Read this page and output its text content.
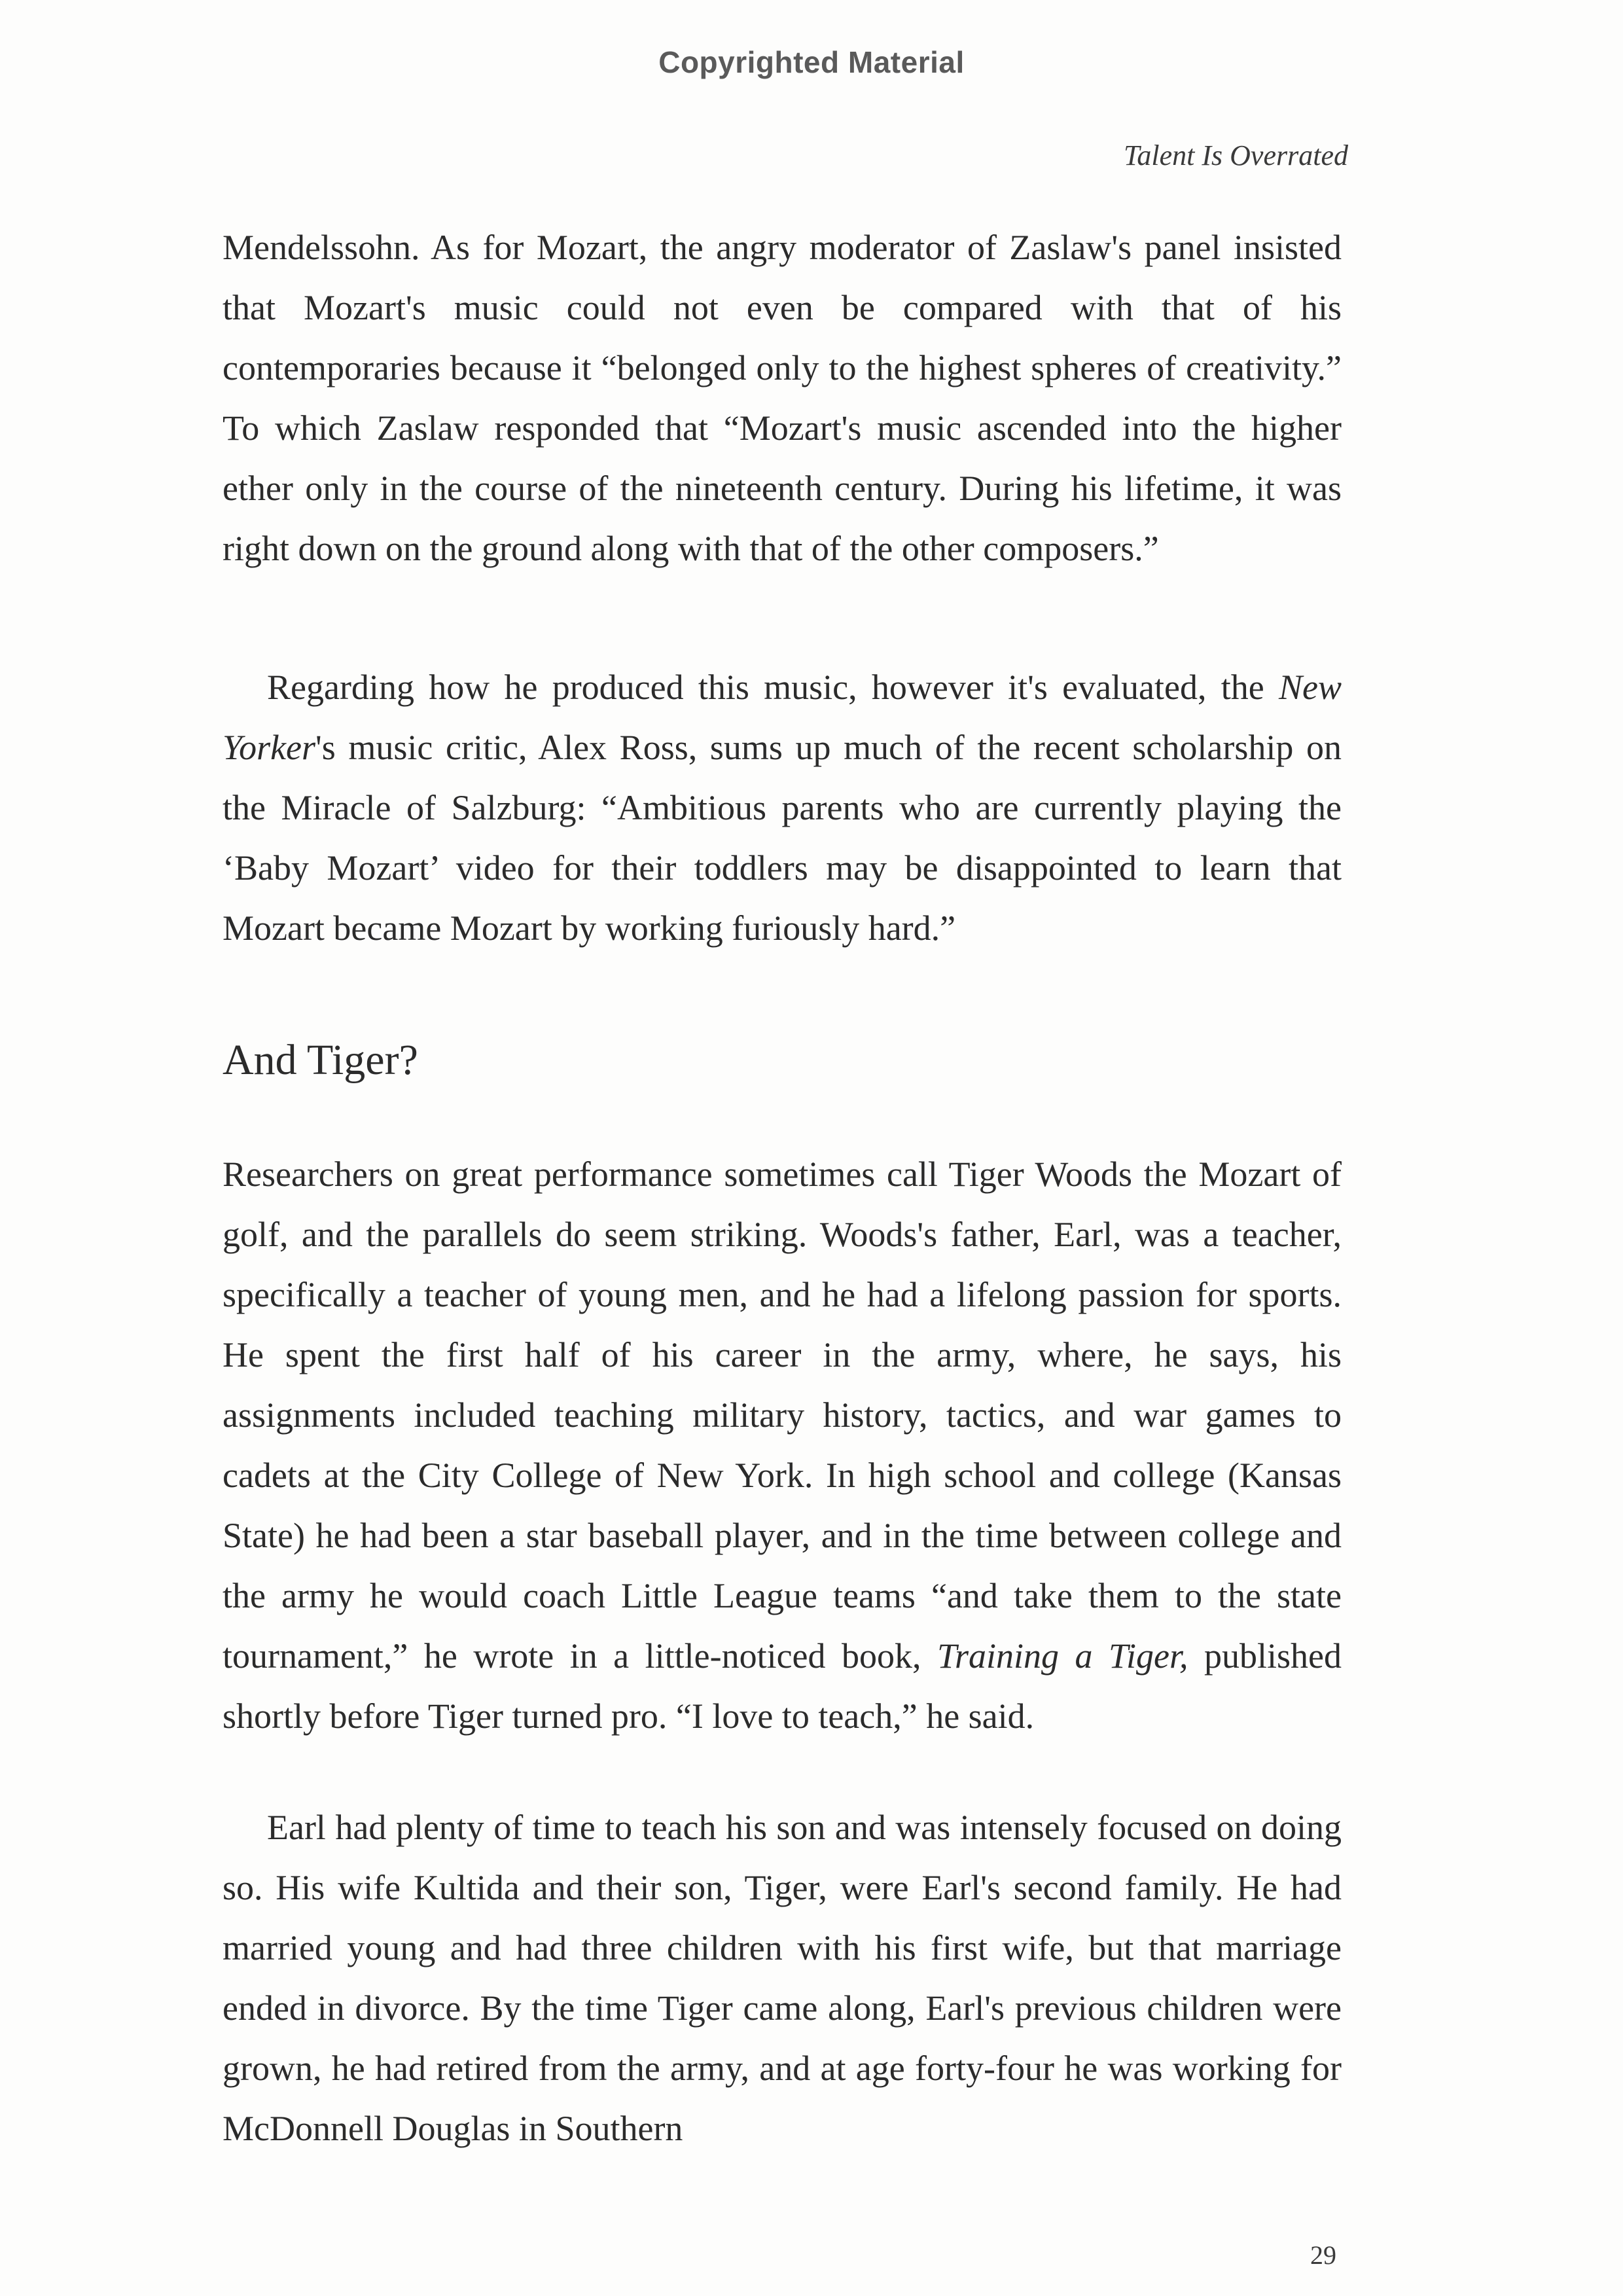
Copyrighted Material
Talent Is Overrated

Mendelssohn. As for Mozart, the angry moderator of Zaslaw's panel insisted that Mozart's music could not even be compared with that of his contemporaries because it “belonged only to the highest spheres of creativity.” To which Zaslaw responded that “Mozart's music ascended into the higher ether only in the course of the nineteenth century. During his lifetime, it was right down on the ground along with that of the other composers.”

Regarding how he produced this music, however it's evaluated, the New Yorker's music critic, Alex Ross, sums up much of the recent scholarship on the Miracle of Salzburg: “Ambitious parents who are currently playing the ‘Baby Mozart’ video for their toddlers may be disappointed to learn that Mozart became Mozart by working furiously hard.”

And Tiger?

Researchers on great performance sometimes call Tiger Woods the Mozart of golf, and the parallels do seem striking. Woods's father, Earl, was a teacher, specifically a teacher of young men, and he had a lifelong passion for sports. He spent the first half of his career in the army, where, he says, his assignments included teaching military history, tactics, and war games to cadets at the City College of New York. In high school and college (Kansas State) he had been a star baseball player, and in the time between college and the army he would coach Little League teams “and take them to the state tournament,” he wrote in a little-noticed book, Training a Tiger, published shortly before Tiger turned pro. “I love to teach,” he said.

Earl had plenty of time to teach his son and was intensely focused on doing so. His wife Kultida and their son, Tiger, were Earl's second family. He had married young and had three children with his first wife, but that marriage ended in divorce. By the time Tiger came along, Earl's previous children were grown, he had retired from the army, and at age forty-four he was working for McDonnell Douglas in Southern

29
